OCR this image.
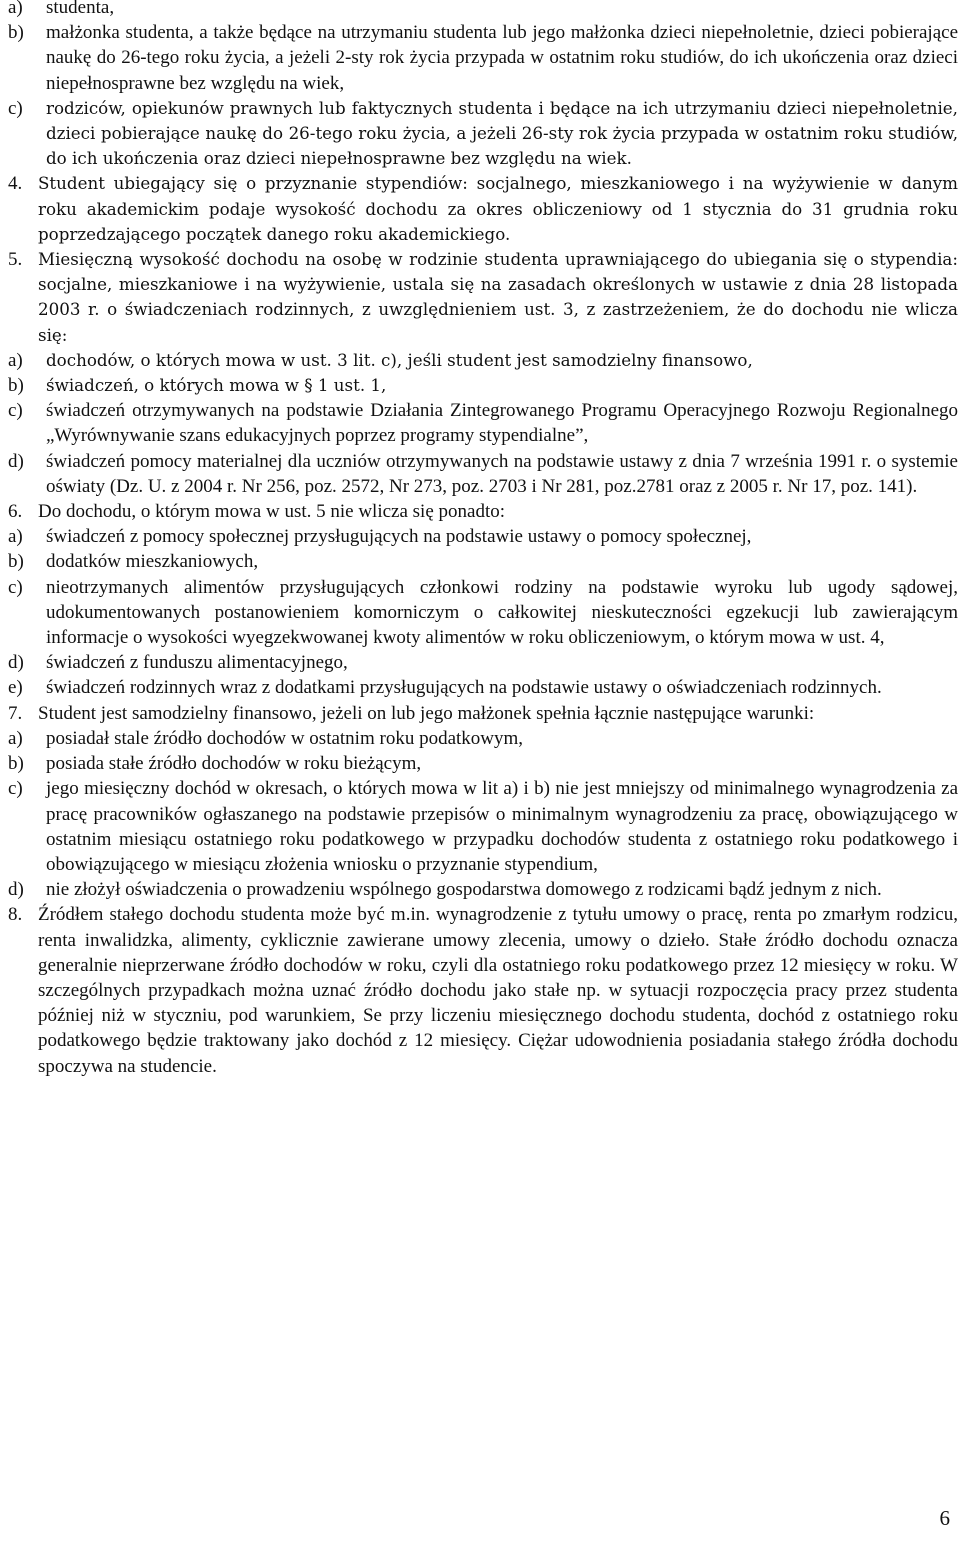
a)	studenta,
b)	małżonka studenta, a także będące na utrzymaniu studenta lub jego małżonka dzieci niepełnoletnie, dzieci pobierające naukę do 26-tego roku życia, a jeżeli 2-sty rok życia przypada w ostatnim roku studiów, do ich ukończenia oraz dzieci niepełnosprawne bez względu na wiek,
c)	rodziców, opiekunów prawnych lub faktycznych studenta i będące na ich utrzymaniu dzieci niepełnoletnie, dzieci pobierające naukę do 26-tego roku życia, a jeżeli 26-sty rok życia przypada w ostatnim roku studiów, do ich ukończenia oraz dzieci niepełnosprawne bez względu na wiek.
4. Student ubiegający się o przyznanie stypendiów: socjalnego, mieszkaniowego i na wyżywienie w danym roku akademickim podaje wysokość dochodu za okres obliczeniowy od 1 stycznia do 31 grudnia roku poprzedzającego początek danego roku akademickiego.
5. Miesięczną wysokość dochodu na osobę w rodzinie studenta uprawniającego do ubiegania się o stypendia: socjalne, mieszkaniowe i na wyżywienie, ustala się na zasadach określonych w ustawie z dnia 28 listopada 2003 r. o świadczeniach rodzinnych, z uwzględnieniem ust. 3, z zastrzeżeniem, że do dochodu nie wlicza się:
a)	dochodów, o których mowa w ust. 3 lit. c), jeśli student jest samodzielny finansowo,
b)	świadczeń, o których mowa w § 1 ust. 1,
c)	świadczeń otrzymywanych na podstawie Działania Zintegrowanego Programu Operacyjnego Rozwoju Regionalnego „Wyrównywanie szans edukacyjnych poprzez programy stypendialne”,
d)	świadczeń pomocy materialnej dla uczniów otrzymywanych na podstawie ustawy z dnia 7 września 1991 r. o systemie oświaty (Dz. U. z 2004 r. Nr 256, poz. 2572, Nr 273, poz. 2703 i Nr 281, poz.2781 oraz z 2005 r. Nr 17, poz. 141).
6. Do dochodu, o którym mowa w ust. 5 nie wlicza się ponadto:
a)	świadczeń z pomocy społecznej przysługujących na podstawie ustawy o pomocy społecznej,
b)	dodatków mieszkaniowych,
c)	nieotrzymanych alimentów przysługujących członkowi rodziny na podstawie wyroku lub ugody sądowej, udokumentowanych postanowieniem komorniczym o całkowitej nieskuteczności egzekucji lub zawierającym informacje o wysokości wyegzekwowanej kwoty alimentów w roku obliczeniowym, o którym mowa w ust. 4,
d)	świadczeń z funduszu alimentacyjnego,
e)	świadczeń rodzinnych wraz z dodatkami przysługujących na podstawie ustawy o oświadczeniach rodzinnych.
7. Student jest samodzielny finansowo, jeżeli on lub jego małżonek spełnia łącznie następujące warunki:
a)	posiadał stale źródło dochodów w ostatnim roku podatkowym,
b)	posiada stałe źródło dochodów w roku bieżącym,
c)	jego miesięczny dochód w okresach, o których mowa w lit a) i b) nie jest mniejszy od minimalnego wynagrodzenia za pracę pracowników ogłaszanego na podstawie przepisów o minimalnym wynagrodzeniu za pracę, obowiązującego w ostatnim miesiącu ostatniego roku podatkowego w przypadku dochodów studenta z ostatniego roku podatkowego i obowiązującego w miesiącu złożenia wniosku o przyznanie stypendium,
d)	nie złożył oświadczenia o prowadzeniu wspólnego gospodarstwa domowego z rodzicami bądź jednym z nich.
8. Źródłem stałego dochodu studenta może być m.in. wynagrodzenie z tytułu umowy o pracę, renta po zmarłym rodzicu, renta inwalidzka, alimenty, cyklicznie zawierane umowy zlecenia, umowy o dzieło. Stałe źródło dochodu oznacza generalnie nieprzerwane źródło dochodów w roku, czyli dla ostatniego roku podatkowego przez 12 miesięcy w roku. W szczególnych przypadkach można uznać źródło dochodu jako stałe np. w sytuacji rozpoczęcia pracy przez studenta później niż w styczniu, pod warunkiem, Se przy liczeniu miesięcznego dochodu studenta, dochód z ostatniego roku podatkowego będzie traktowany jako dochód z 12 miesięcy. Ciężar udowodnienia posiadania stałego źródła dochodu spoczywa na studencie.
6
